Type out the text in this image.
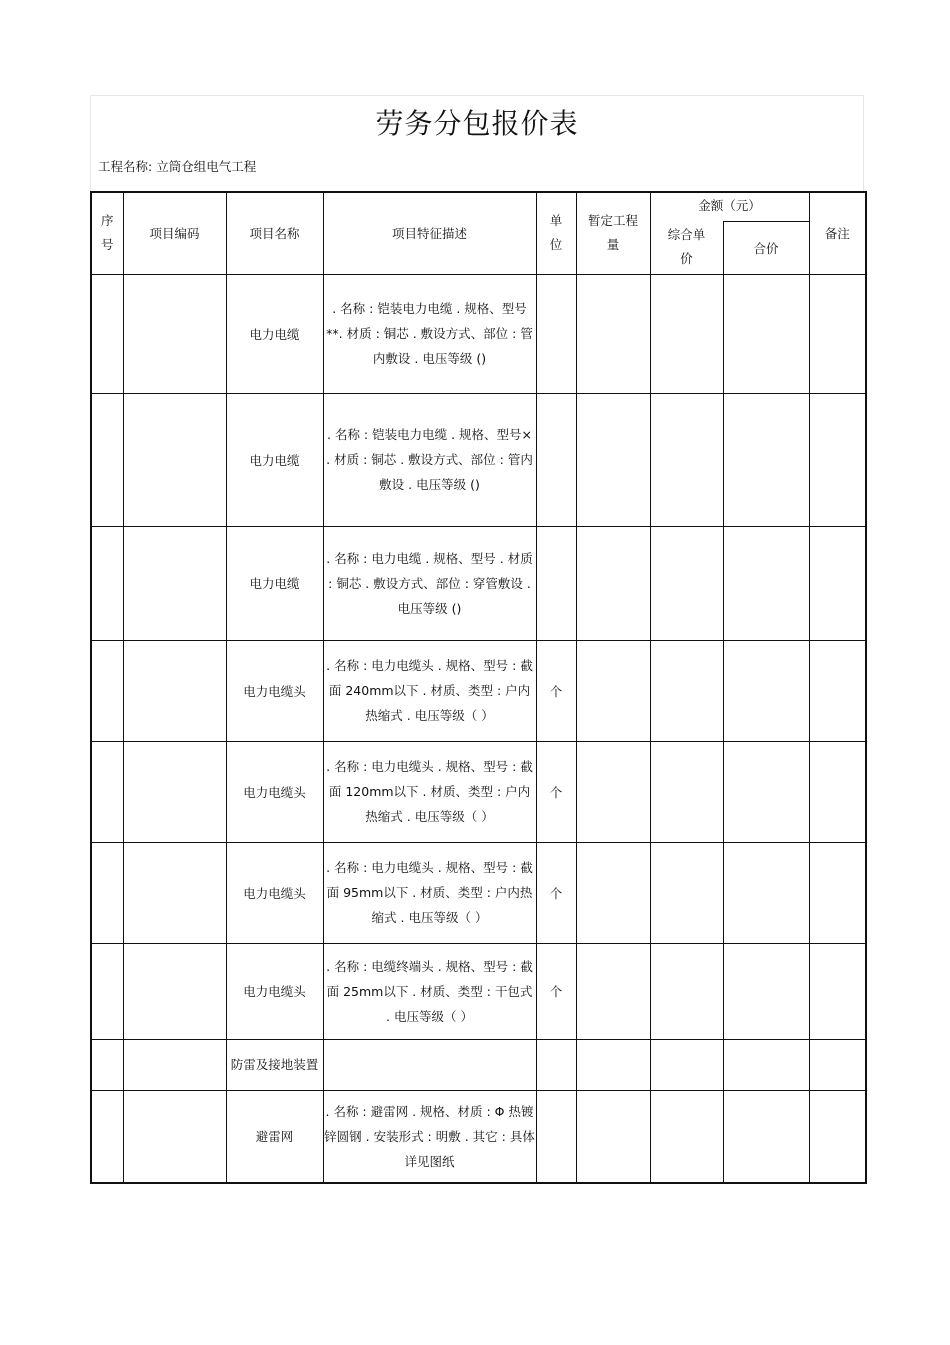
劳务分包报价表
工程名称: 立筒仓组电气工程
序号	项目编码	项目名称	项目特征描述	单位	暂定工程量	金额（元）		备注

						综合单价	合价	
		电力电缆	. 名称 : 铠装电力电缆 . 规格、型号 **. 材质 : 铜芯 . 敷设方式、部位 : 管内敷设 . 电压等级 ()					
		电力电缆	. 名称 : 铠装电力电缆 . 规格、型号× . 材质 : 铜芯 . 敷设方式、部位 : 管内敷设 . 电压等级 ()					
		电力电缆	. 名称 : 电力电缆 . 规格、型号 . 材质 : 铜芯 . 敷设方式、部位 : 穿管敷设 . 电压等级 ()					
		电力电缆头	. 名称 : 电力电缆头 . 规格、型号 : 截面 240mm以下 . 材质、类型 : 户内热缩式 . 电压等级（ ）	个				
		电力电缆头	. 名称 : 电力电缆头 . 规格、型号 : 截面 120mm以下 . 材质、类型 : 户内热缩式 . 电压等级（ ）	个				
		电力电缆头	. 名称 : 电力电缆头 . 规格、型号 : 截面 95mm以下 . 材质、类型 : 户内热缩式 . 电压等级（ ）	个				
		电力电缆头	. 名称 : 电缆终端头 . 规格、型号 : 截面 25mm以下 . 材质、类型 : 干包式 . 电压等级（ ）	个				
		防雷及接地装置						
		避雷网	. 名称 : 避雷网 . 规格、材质 : Φ 热镀锌圆钢 . 安装形式 : 明敷 . 其它 : 具体详见图纸					
